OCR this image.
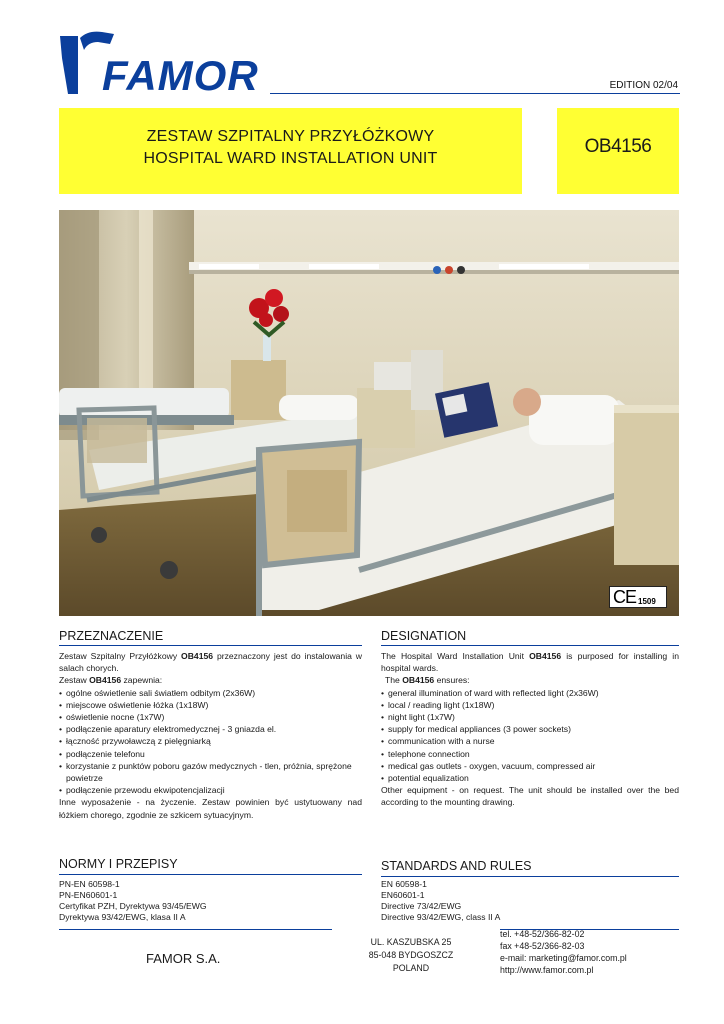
FAMOR	EDITION 02/04
ZESTAW SZPITALNY PRZYŁÓŻKOWY
HOSPITAL WARD INSTALLATION UNIT
OB4156
CE 1509
PRZEZNACZENIE

Zestaw Szpitalny Przyłóżkowy OB4156 przeznaczony jest do instalowania w salach chorych.

Zestaw OB4156 zapewnia:

• ogólne oświetlenie sali światłem odbitym (2x36W)
• miejscowe oświetlenie łóżka (1x18W)
• oświetlenie nocne (1x7W)
• podłączenie aparatury elektromedycznej - 3 gniazda el.
• łączność przywoławczą z pielęgniarką
• podłączenie telefonu
• korzystanie z punktów poboru gazów medycznych - tlen, próżnia, sprężone powietrze
• podłączenie przewodu ekwipotencjalizacji

Inne wyposażenie - na życzenie. Zestaw powinien być ustytuowany nad łóżkiem chorego, zgodnie ze szkicem sytuacyjnym.

DESIGNATION

The Hospital Ward Installation Unit OB4156 is purposed for installing in hospital wards.

The OB4156 ensures:

• general illumination of ward with reflected light (2x36W)
• local / reading light (1x18W)
• night light (1x7W)
• supply for medical appliances (3 power sockets)
• communication with a nurse
• telephone connection
• medical gas outlets - oxygen, vacuum, compressed air
• potential equalization

Other equipment - on request. The unit should be installed over the bed according to the mounting drawing.

NORMY I PRZEPISY
PN-EN 60598-1
PN-EN60601-1
Certyfikat PZH, Dyrektywa 93/45/EWG
Dyrektywa 93/42/EWG, klasa II A
STANDARDS AND RULES
EN 60598-1
EN60601-1
Directive 73/42/EWG
Directive 93/42/EWG, class II A
FAMOR S.A.
UL. KASZUBSKA 25
85-048 BYDGOSZCZ
POLAND
tel. +48-52/366-82-02
fax +48-52/366-82-03
e-mail: marketing@famor.com.pl
http://www.famor.com.pl
